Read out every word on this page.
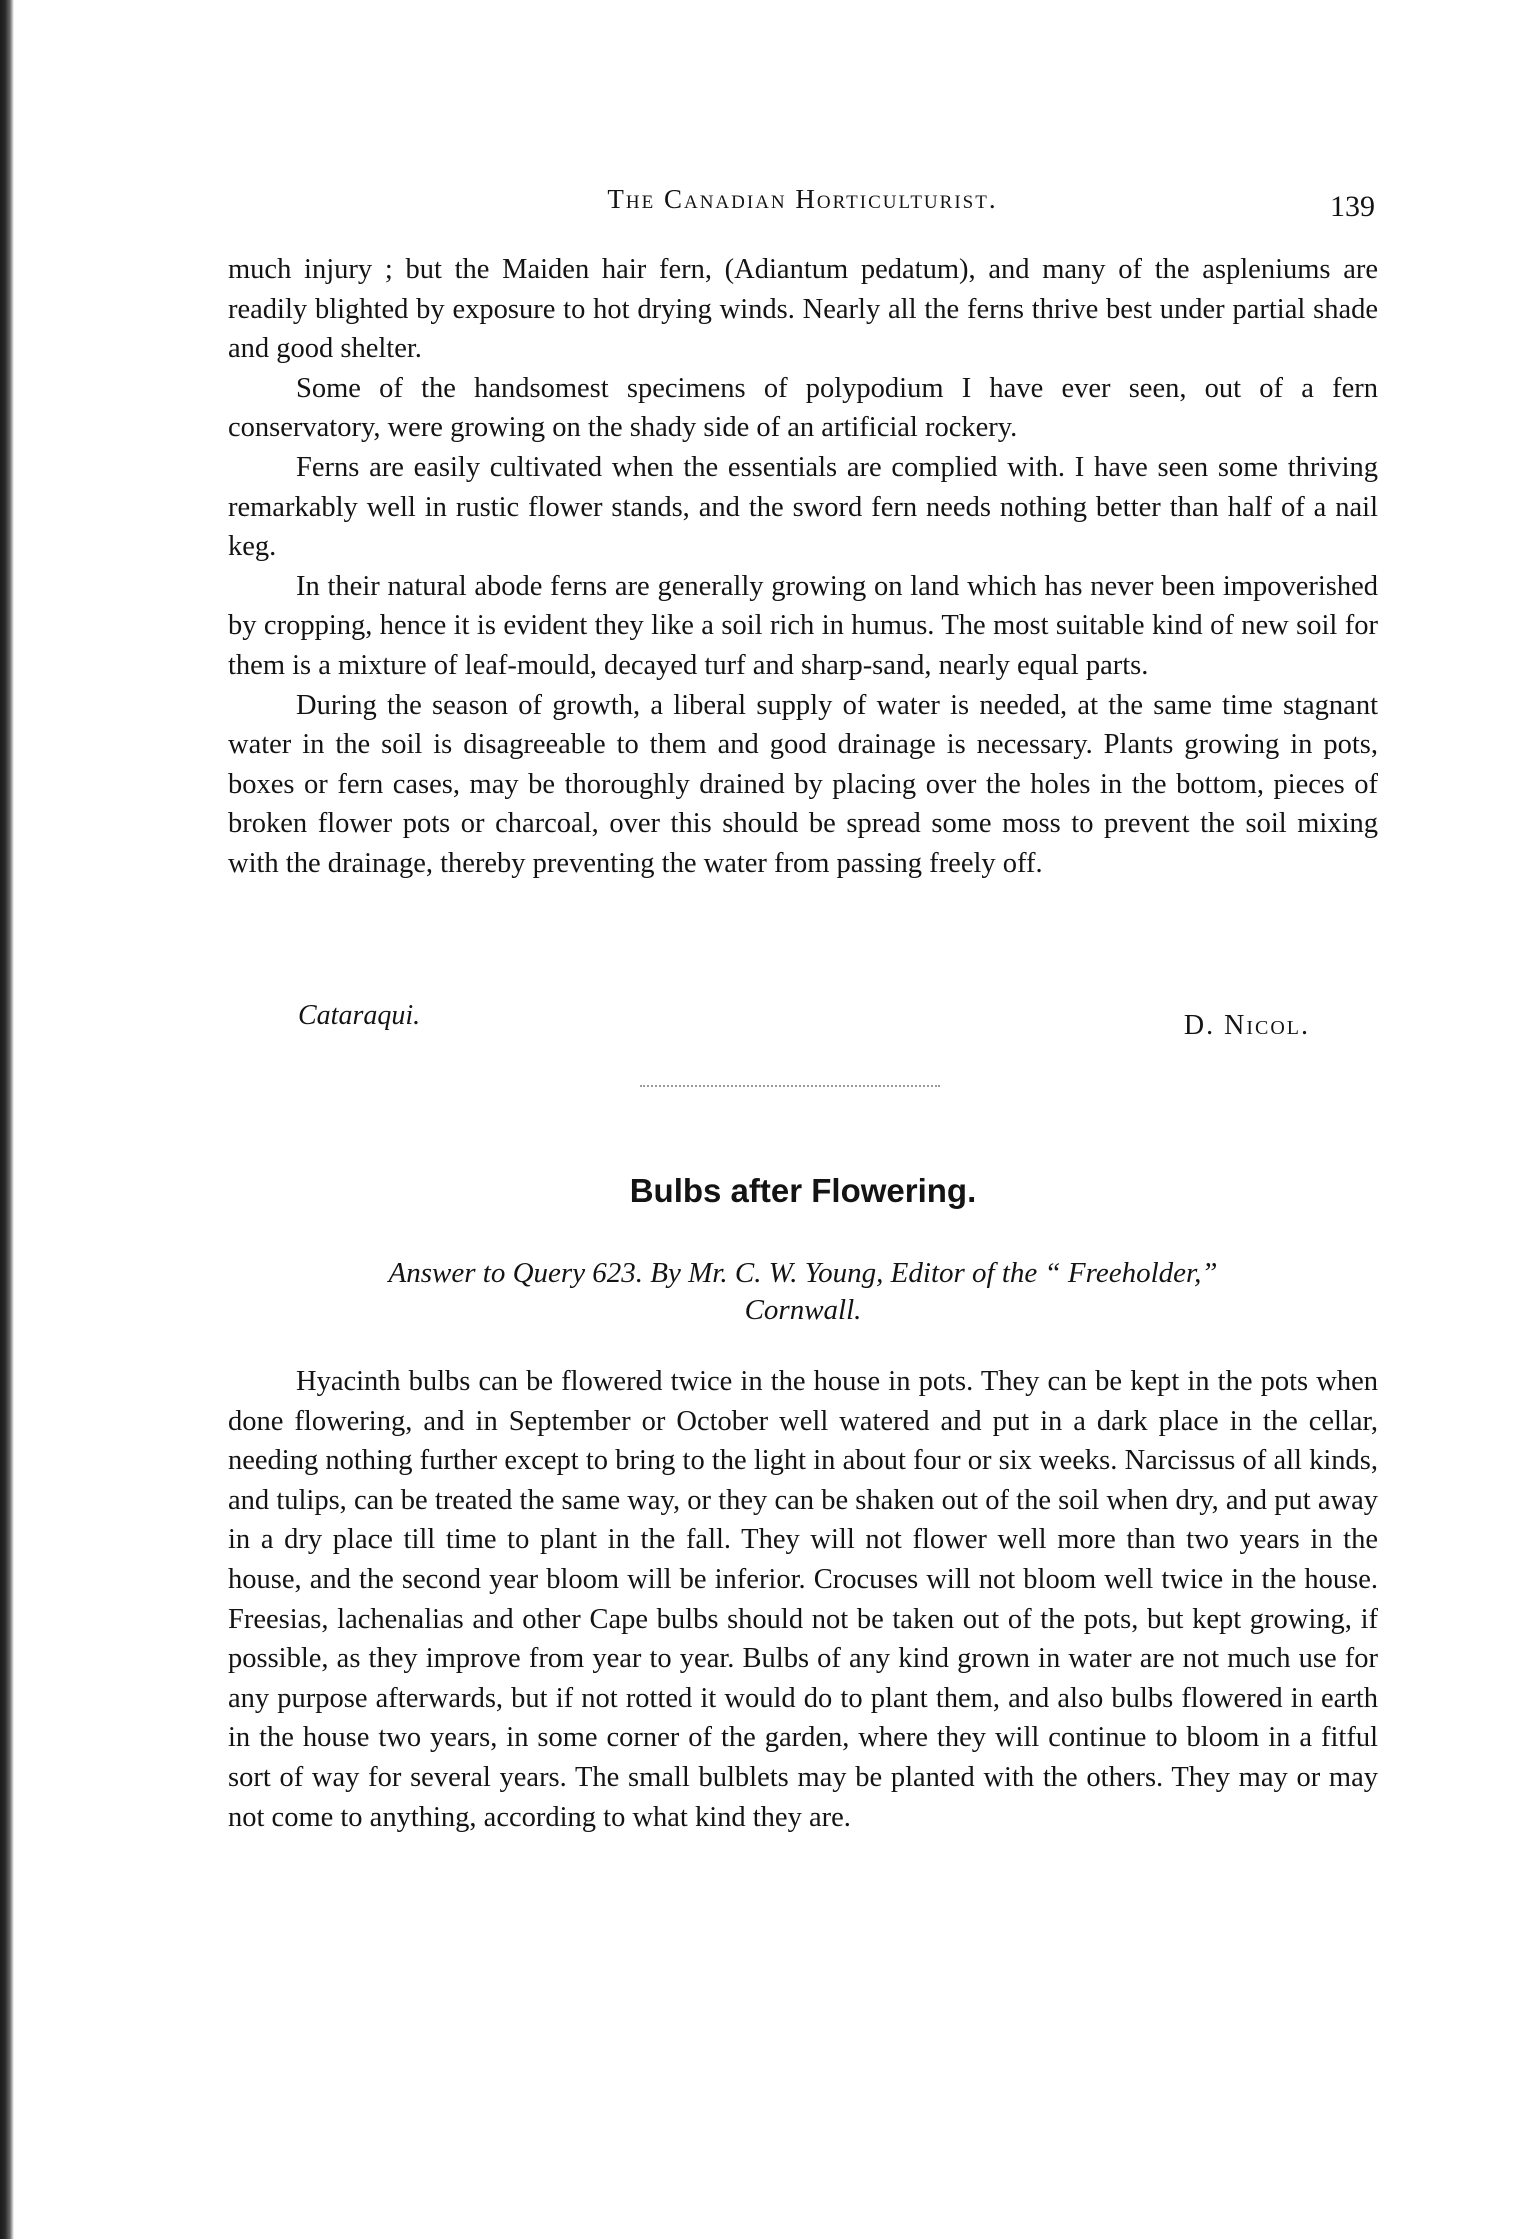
The Canadian Horticulturist.	139

much injury ; but the Maiden hair fern, (Adiantum pedatum), and many of the aspleniums are readily blighted by exposure to hot drying winds. Nearly all the ferns thrive best under partial shade and good shelter.

Some of the handsomest specimens of polypodium I have ever seen, out of a fern conservatory, were growing on the shady side of an artificial rockery.

Ferns are easily cultivated when the essentials are complied with. I have seen some thriving remarkably well in rustic flower stands, and the sword fern needs nothing better than half of a nail keg.

In their natural abode ferns are generally growing on land which has never been impoverished by cropping, hence it is evident they like a soil rich in humus. The most suitable kind of new soil for them is a mixture of leaf-mould, decayed turf and sharp-sand, nearly equal parts.

During the season of growth, a liberal supply of water is needed, at the same time stagnant water in the soil is disagreeable to them and good drainage is necessary. Plants growing in pots, boxes or fern cases, may be thoroughly drained by placing over the holes in the bottom, pieces of broken flower pots or charcoal, over this should be spread some moss to prevent the soil mixing with the drainage, thereby preventing the water from passing freely off.

Cataraqui.	D. Nicol.
Bulbs after Flowering.
Answer to Query 623. By Mr. C. W. Young, Editor of the “ Freeholder,”
Cornwall.

Hyacinth bulbs can be flowered twice in the house in pots. They can be kept in the pots when done flowering, and in September or October well watered and put in a dark place in the cellar, needing nothing further except to bring to the light in about four or six weeks. Narcissus of all kinds, and tulips, can be treated the same way, or they can be shaken out of the soil when dry, and put away in a dry place till time to plant in the fall. They will not flower well more than two years in the house, and the second year bloom will be inferior. Crocuses will not bloom well twice in the house. Freesias, lachenalias and other Cape bulbs should not be taken out of the pots, but kept growing, if possible, as they improve from year to year. Bulbs of any kind grown in water are not much use for any purpose afterwards, but if not rotted it would do to plant them, and also bulbs flowered in earth in the house two years, in some corner of the garden, where they will continue to bloom in a fitful sort of way for several years. The small bulblets may be planted with the others. They may or may not come to anything, according to what kind they are.
